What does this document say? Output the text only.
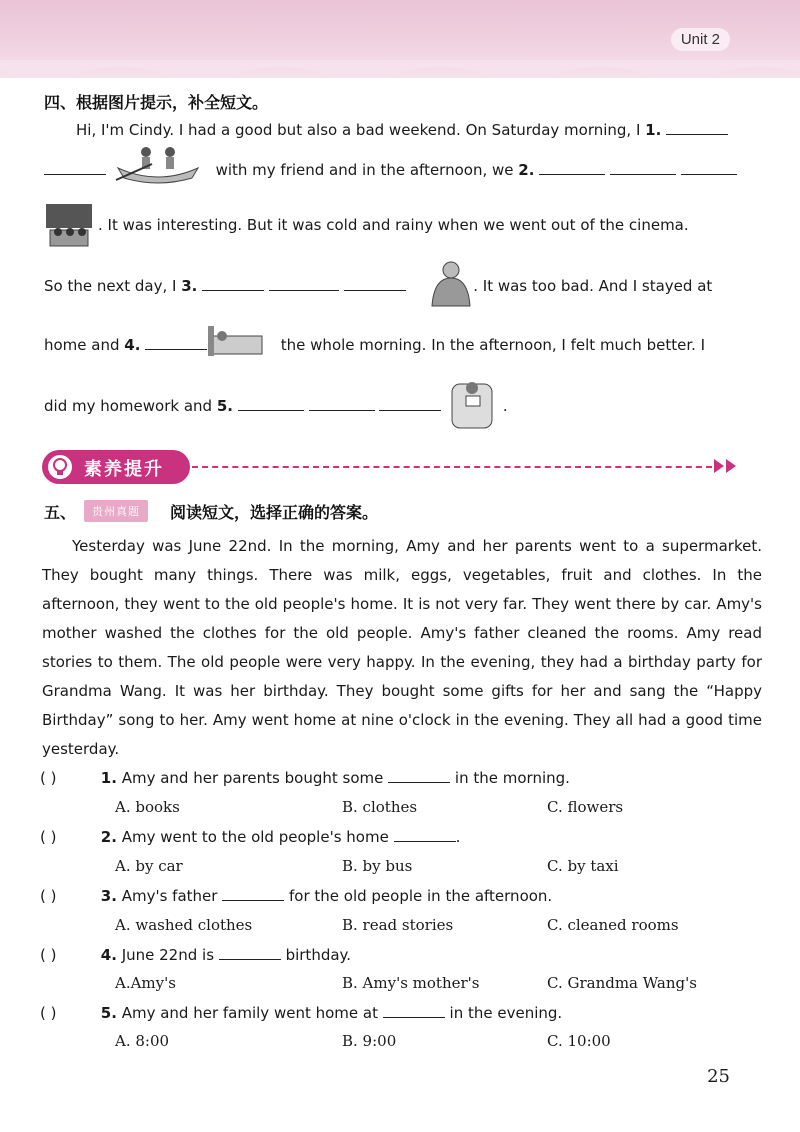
Unit 2
四、根据图片提示，补全短文。
Hi, I'm Cindy. I had a good but also a bad weekend. On Saturday morning, I 1.
with my friend and in the afternoon, we 2.
. It was interesting. But it was cold and rainy when we went out of the cinema.
So the next day, I 3.	. It was too bad. And I stayed at
home and 4.	the whole morning. In the afternoon, I felt much better. I
did my homework and 5.	.
素养提升
五、	贵州真题	阅读短文，选择正确的答案。

Yesterday was June 22nd. In the morning, Amy and her parents went to a supermarket. They bought many things. There was milk, eggs, vegetables, fruit and clothes. In the afternoon, they went to the old people's home. It is not very far. They went there by car. Amy's mother washed the clothes for the old people. Amy's father cleaned the rooms. Amy read stories to them. The old people were very happy. In the evening, they had a birthday party for Grandma Wang. It was her birthday. They bought some gifts for her and sang the “Happy Birthday” song to her. Amy went home at nine o'clock in the evening. They all had a good time yesterday.

( )	1. Amy and her parents bought some	in the morning.
A. books	B. clothes	C. flowers
( )	2. Amy went to the old people's home	.
A. by car	B. by bus	C. by taxi
( )	3. Amy's father	for the old people in the afternoon.
A. washed clothes	B. read stories	C. cleaned rooms
( )	4. June 22nd is	birthday.
A.Amy's	B. Amy's mother's	C. Grandma Wang's
( )	5. Amy and her family went home at	in the evening.
A. 8:00	B. 9:00	C. 10:00
25
